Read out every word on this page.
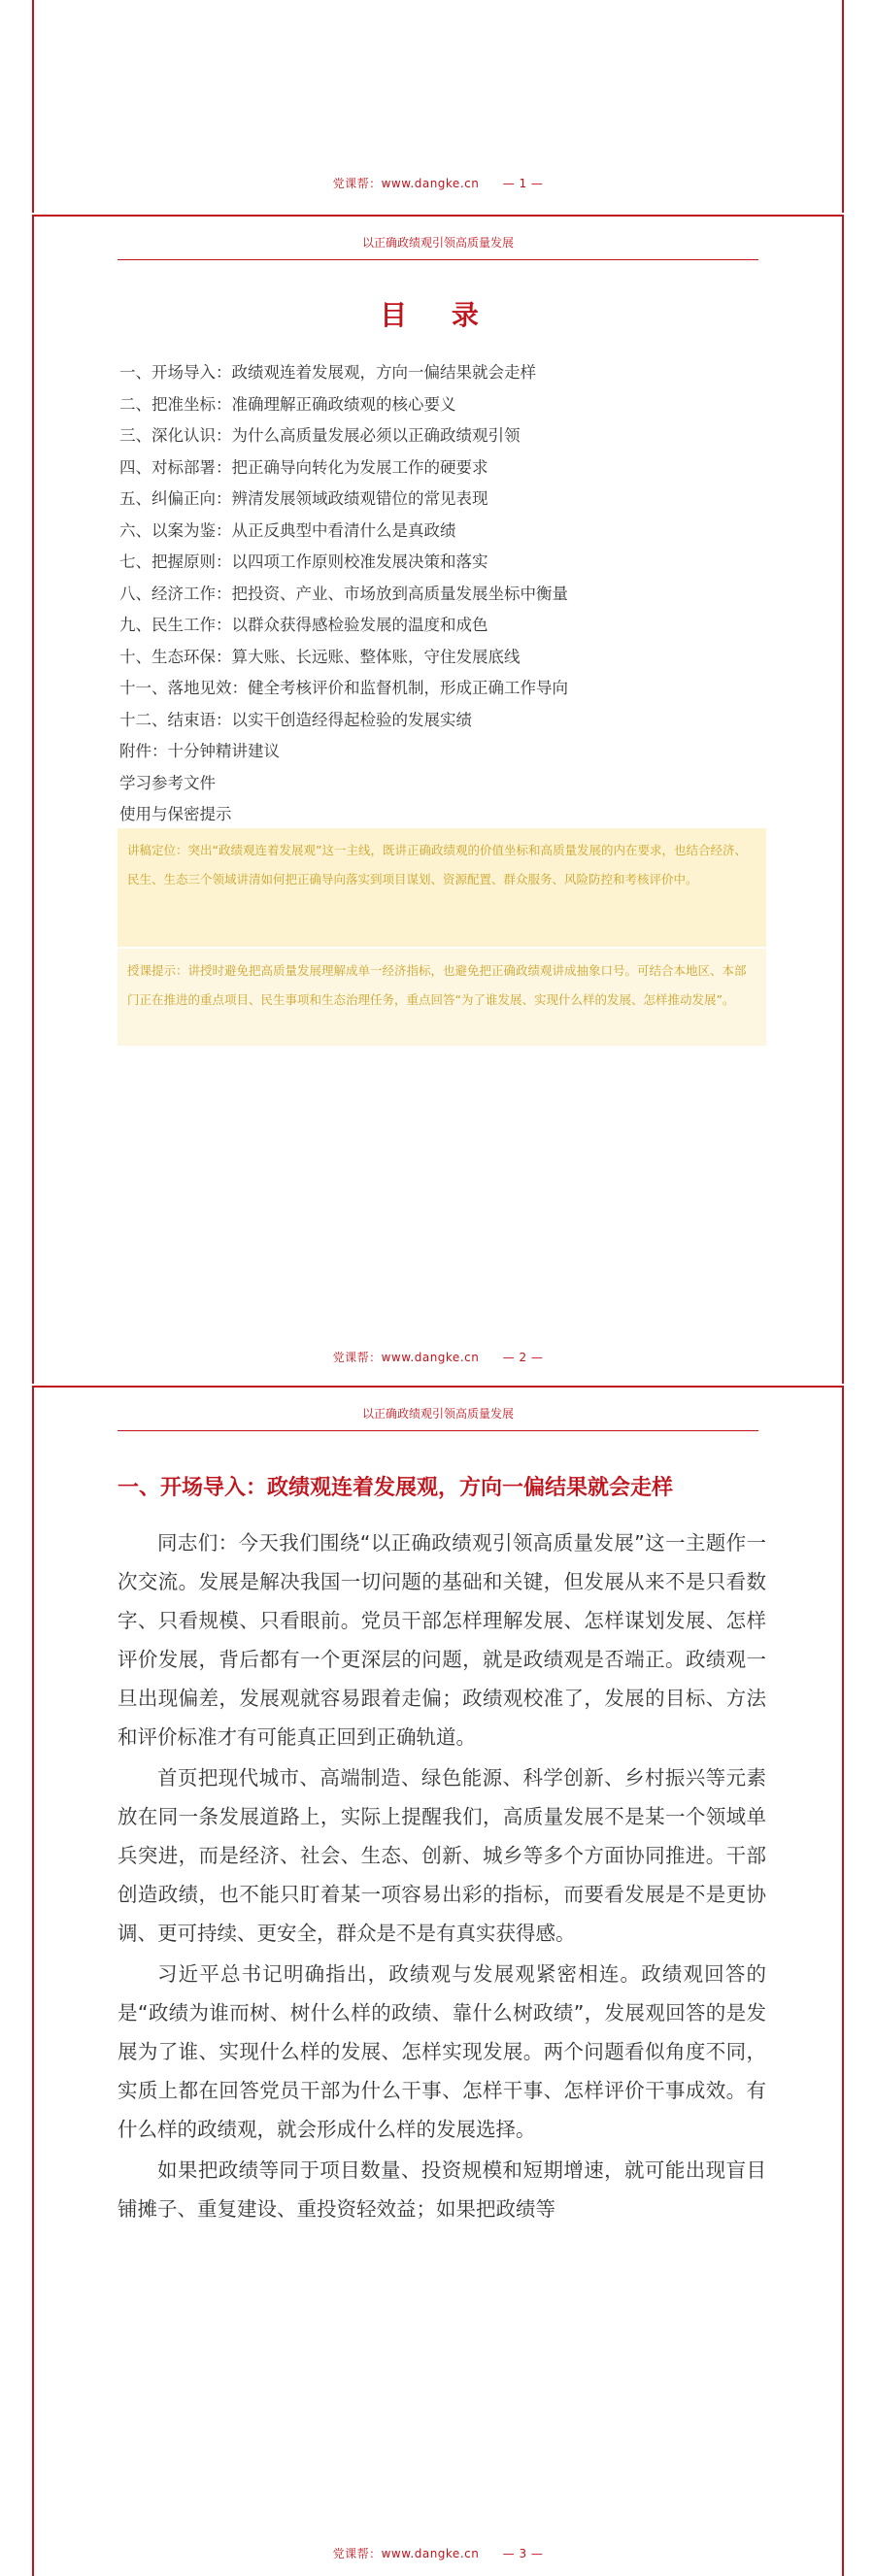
党课帮：www.dangke.cn — 1 —
以正确政绩观引领高质量发展
目 录
一、开场导入：政绩观连着发展观，方向一偏结果就会走样
二、把准坐标：准确理解正确政绩观的核心要义
三、深化认识：为什么高质量发展必须以正确政绩观引领
四、对标部署：把正确导向转化为发展工作的硬要求
五、纠偏正向：辨清发展领域政绩观错位的常见表现
六、以案为鉴：从正反典型中看清什么是真政绩
七、把握原则：以四项工作原则校准发展决策和落实
八、经济工作：把投资、产业、市场放到高质量发展坐标中衡量
九、民生工作：以群众获得感检验发展的温度和成色
十、生态环保：算大账、长远账、整体账，守住发展底线
十一、落地见效：健全考核评价和监督机制，形成正确工作导向
十二、结束语：以实干创造经得起检验的发展实绩
附件：十分钟精讲建议
学习参考文件
使用与保密提示
讲稿定位：突出“政绩观连着发展观”这一主线，既讲正确政绩观的价值坐标和高质量发展的内在要求，也结合经济、民生、生态三个领域讲清如何把正确导向落实到项目谋划、资源配置、群众服务、风险防控和考核评价中。
授课提示：讲授时避免把高质量发展理解成单一经济指标，也避免把正确政绩观讲成抽象口号。可结合本地区、本部门正在推进的重点项目、民生事项和生态治理任务，重点回答“为了谁发展、实现什么样的发展、怎样推动发展”。
党课帮：www.dangke.cn — 2 —
以正确政绩观引领高质量发展
一、开场导入：政绩观连着发展观，方向一偏结果就会走样

同志们：今天我们围绕“以正确政绩观引领高质量发展”这一主题作一次交流。发展是解决我国一切问题的基础和关键，但发展从来不是只看数字、只看规模、只看眼前。党员干部怎样理解发展、怎样谋划发展、怎样评价发展，背后都有一个更深层的问题，就是政绩观是否端正。政绩观一旦出现偏差，发展观就容易跟着走偏；政绩观校准了，发展的目标、方法和评价标准才有可能真正回到正确轨道。

首页把现代城市、高端制造、绿色能源、科学创新、乡村振兴等元素放在同一条发展道路上，实际上提醒我们，高质量发展不是某一个领域单兵突进，而是经济、社会、生态、创新、城乡等多个方面协同推进。干部创造政绩，也不能只盯着某一项容易出彩的指标，而要看发展是不是更协调、更可持续、更安全，群众是不是有真实获得感。

习近平总书记明确指出，政绩观与发展观紧密相连。政绩观回答的是“政绩为谁而树、树什么样的政绩、靠什么树政绩”，发展观回答的是发展为了谁、实现什么样的发展、怎样实现发展。两个问题看似角度不同，实质上都在回答党员干部为什么干事、怎样干事、怎样评价干事成效。有什么样的政绩观，就会形成什么样的发展选择。

如果把政绩等同于项目数量、投资规模和短期增速，就可能出现盲目铺摊子、重复建设、重投资轻效益；如果把政绩等

党课帮：www.dangke.cn — 3 —
